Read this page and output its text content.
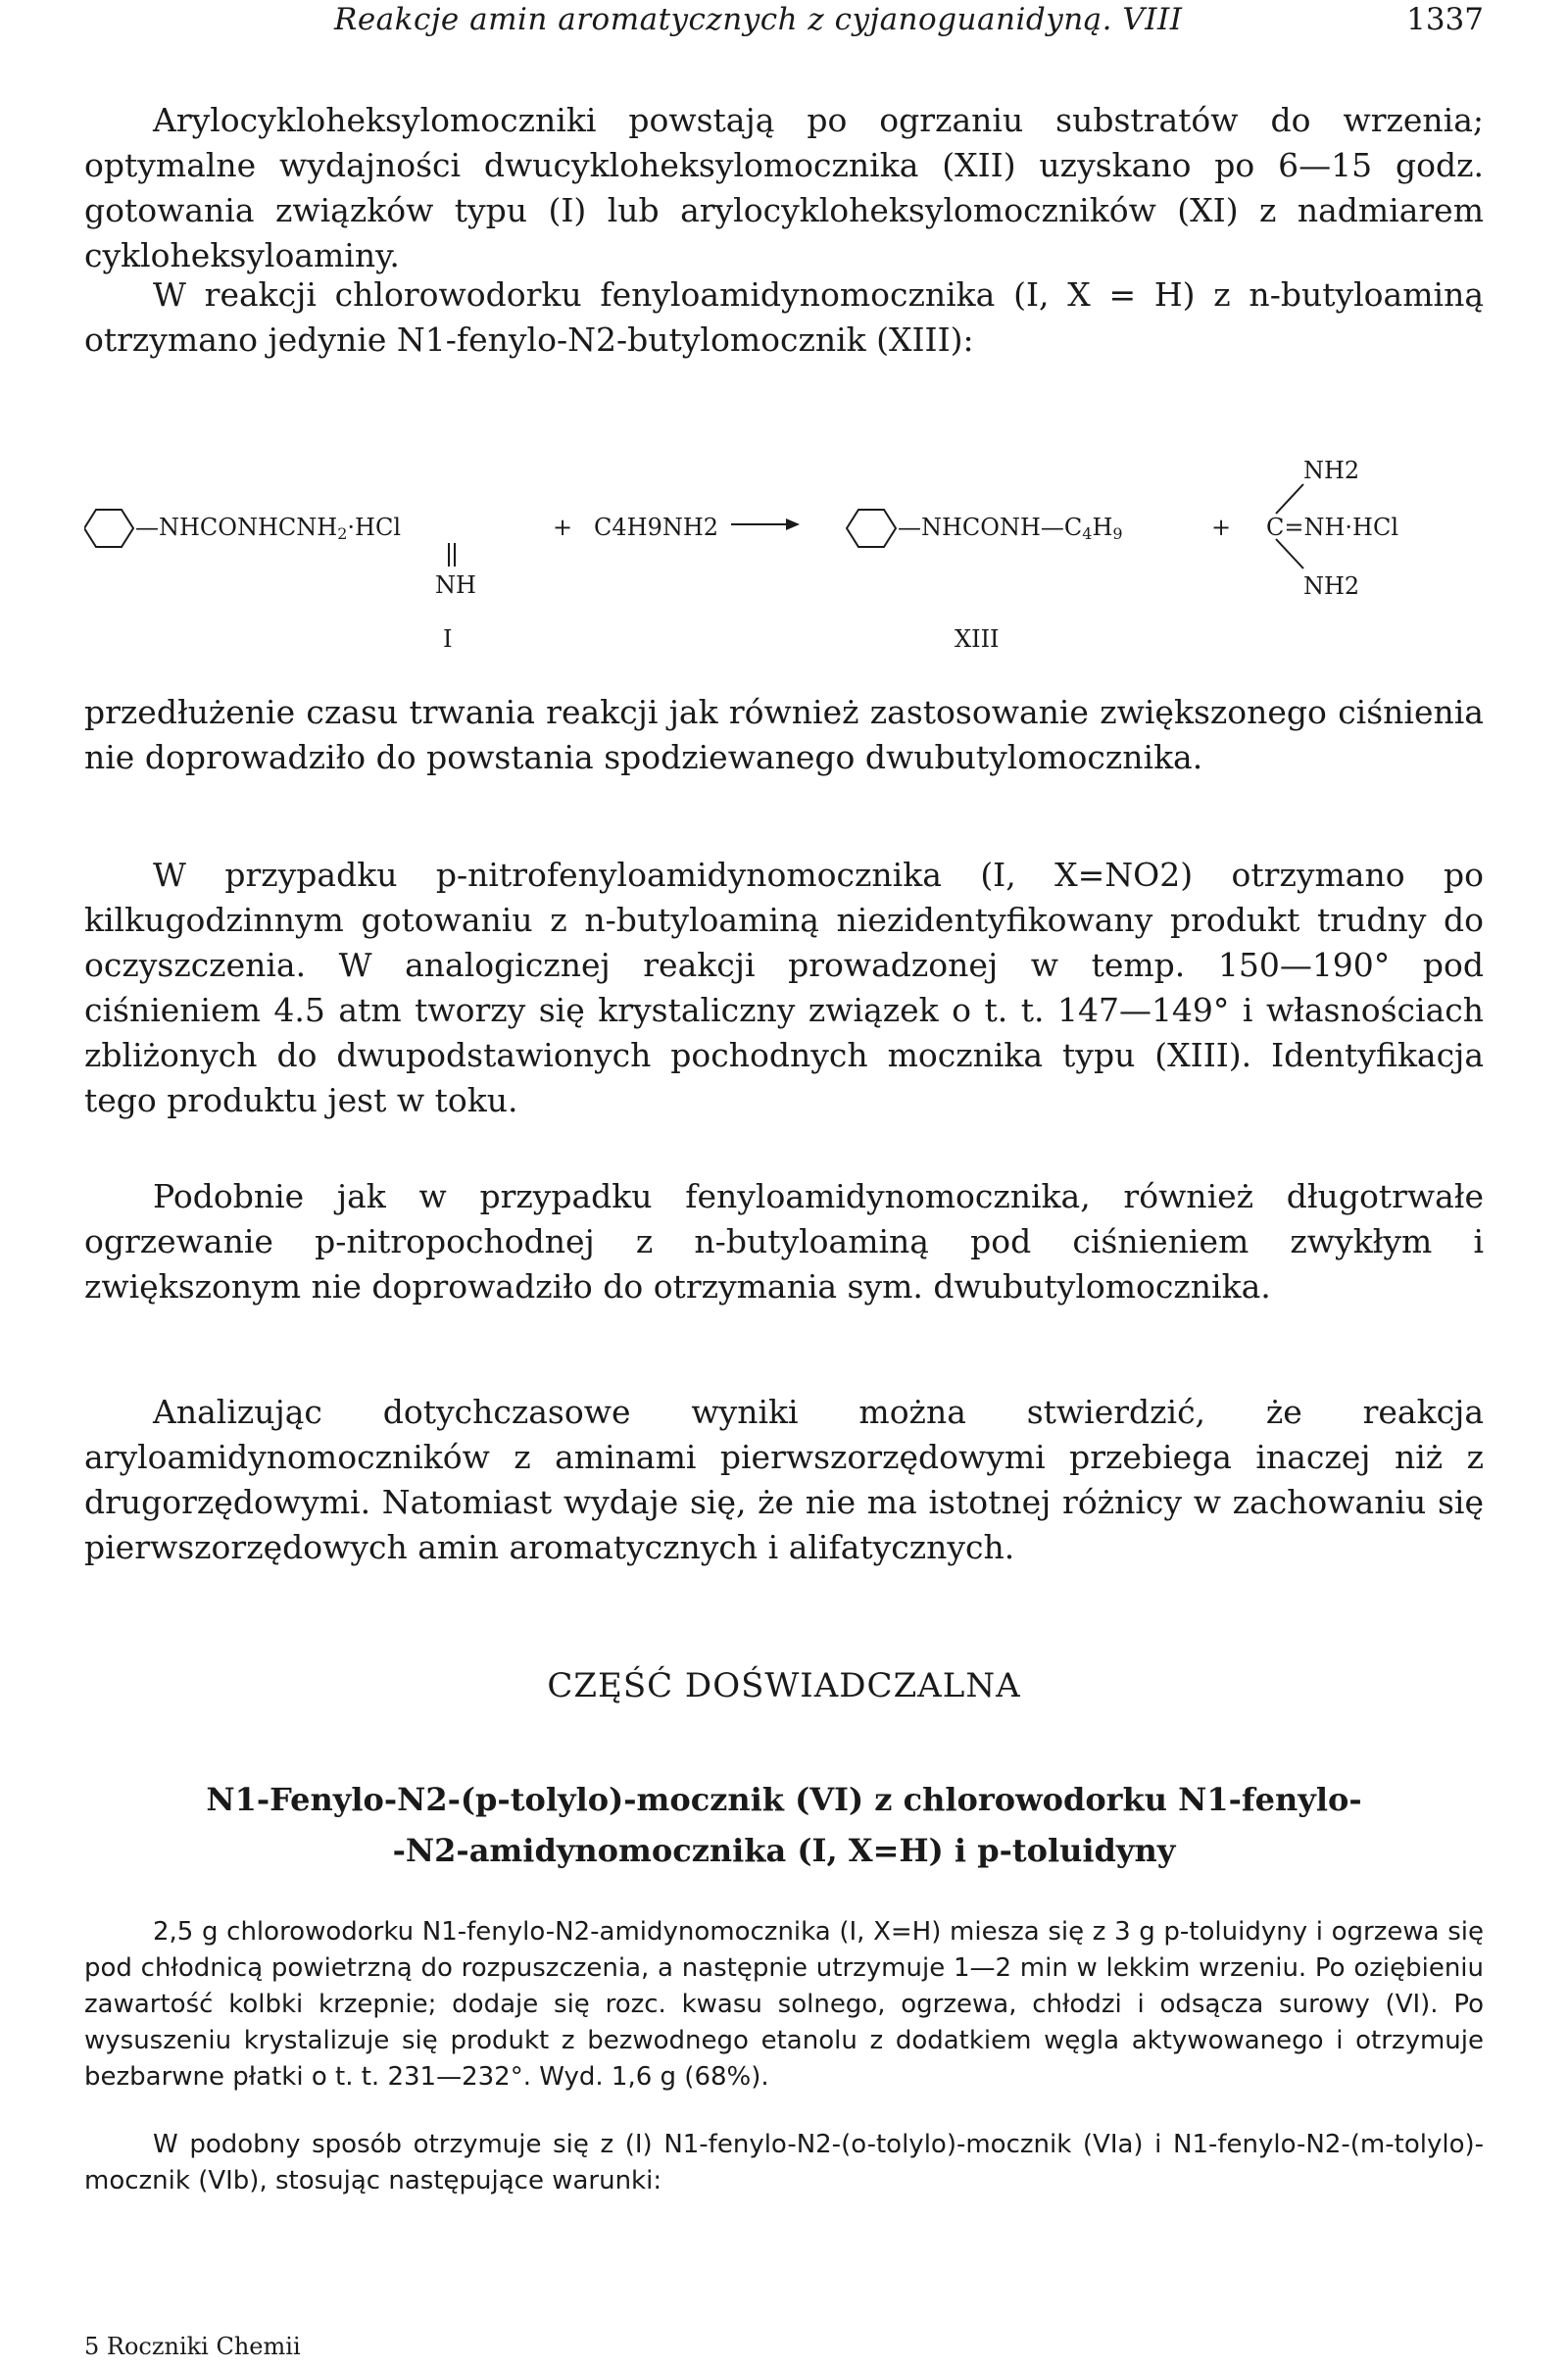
Reakcje amin aromatycznych z cyjanoguanidyną. VIII	1337

Arylocykloheksylomoczniki powstają po ogrzaniu substratów do wrzenia; optymalne wydajności dwucykloheksylomocznika (XII) uzyskano po 6—15 godz. gotowania związków typu (I) lub arylocykloheksylomoczników (XI) z nadmiarem cykloheksyloaminy.

W reakcji chlorowodorku fenyloamidynomocznika (I, X = H) z n-butyloaminą otrzymano jedynie N1-fenylo-N2-butylomocznik (XIII):

$—NHCONHCNH_2\cdot HCl$
NH
I
+ C4H9NH2	$—NHCONH—C_4H_9$
XIII
+
NH2
C=NH·HCl
NH2

przedłużenie czasu trwania reakcji jak również zastosowanie zwiększonego ciśnienia nie doprowadziło do powstania spodziewanego dwubutylomocznika.

W przypadku p-nitrofenyloamidynomocznika (I, X=NO2) otrzymano po kilkugodzinnym gotowaniu z n-butyloaminą niezidentyfikowany produkt trudny do oczyszczenia. W analogicznej reakcji prowadzonej w temp. 150—190° pod ciśnieniem 4.5 atm tworzy się krystaliczny związek o t. t. 147—149° i własnościach zbliżonych do dwupodstawionych pochodnych mocznika typu (XIII). Identyfikacja tego produktu jest w toku.

Podobnie jak w przypadku fenyloamidynomocznika, również długotrwałe ogrzewanie p-nitropochodnej z n-butyloaminą pod ciśnieniem zwykłym i zwiększonym nie doprowadziło do otrzymania sym. dwubutylomocznika.

Analizując dotychczasowe wyniki można stwierdzić, że reakcja aryloamidynomoczników z aminami pierwszorzędowymi przebiega inaczej niż z drugorzędowymi. Natomiast wydaje się, że nie ma istotnej różnicy w zachowaniu się pierwszorzędowych amin aromatycznych i alifatycznych.

CZĘŚĆ DOŚWIADCZALNA
N1-Fenylo-N2-(p-tolylo)-mocznik (VI) z chlorowodorku N1-fenylo-
-N2-amidynomocznika (I, X=H) i p-toluidyny

2,5 g chlorowodorku N1-fenylo-N2-amidynomocznika (I, X=H) miesza się z 3 g p-toluidyny i ogrzewa się pod chłodnicą powietrzną do rozpuszczenia, a następnie utrzymuje 1—2 min w lekkim wrzeniu. Po oziębieniu zawartość kolbki krzepnie; dodaje się rozc. kwasu solnego, ogrzewa, chłodzi i odsącza surowy (VI). Po wysuszeniu krystalizuje się produkt z bezwodnego etanolu z dodatkiem węgla aktywowanego i otrzymuje bezbarwne płatki o t. t. 231—232°. Wyd. 1,6 g (68%).

W podobny sposób otrzymuje się z (I) N1-fenylo-N2-(o-tolylo)-mocznik (VIa) i N1-fenylo-N2-(m-tolylo)-mocznik (VIb), stosując następujące warunki:

5 Roczniki Chemii
